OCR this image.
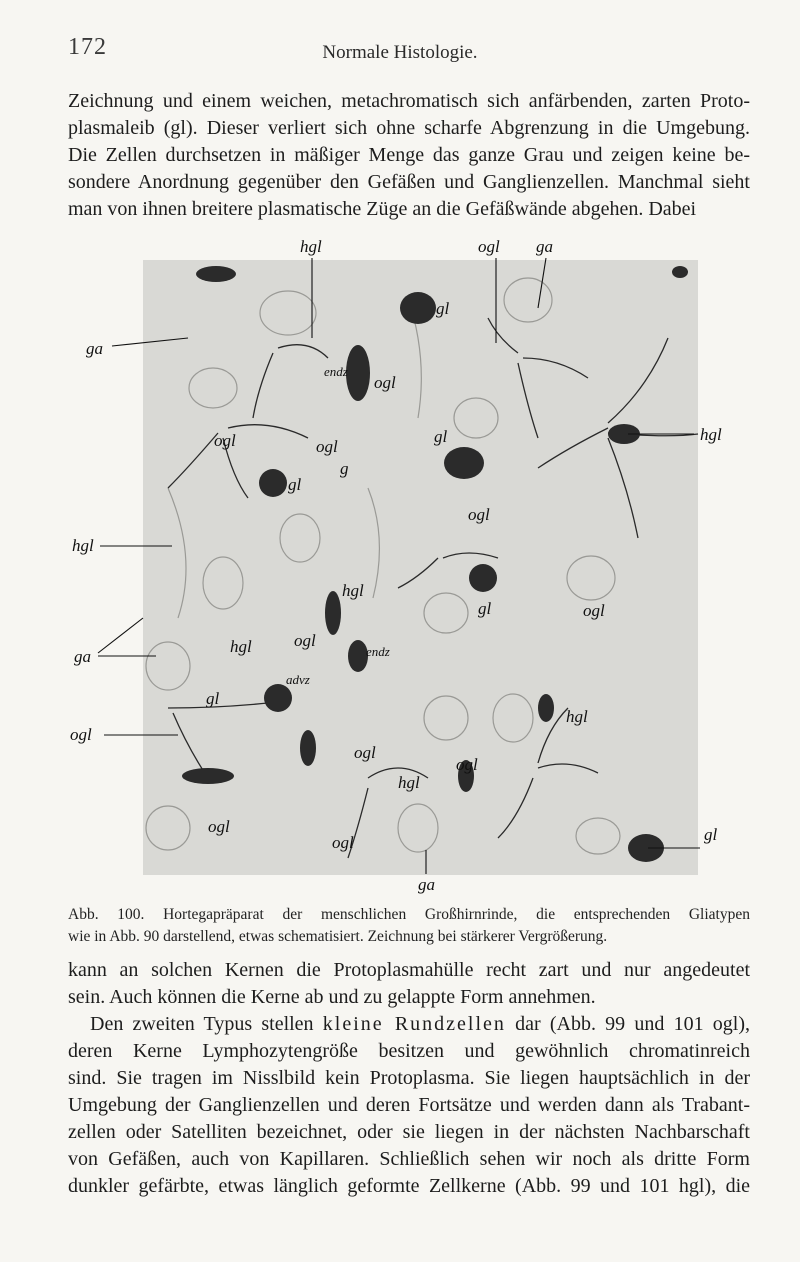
172	Normale Histologie.

Zeichnung und einem weichen, metachromatisch sich anfärbenden, zarten Proto-
plasmaleib (gl). Dieser verliert sich ohne scharfe Abgrenzung in die Umgebung.
Die Zellen durchsetzen in mäßiger Menge das ganze Grau und zeigen keine be-
sondere Anordnung gegenüber den Gefäßen und Ganglienzellen. Manchmal sieht
man von ihnen breitere plasmatische Züge an die Gefäßwände abgehen. Dabei

hgl	ogl ga
ga
hgl
ga
ogl
hgl
gl
ga
gl
endz
ogl
ogl	ogl
g
gl
gl
ogl
hgl
gl	ogl
hgl ogl
endz
advz
gl
ogl
hgl
ogl
hgl
ogl
ogl

Abb. 100. Hortegapräparat der menschlichen Großhirnrinde, die entsprechenden Gliatypen
wie in Abb. 90 darstellend, etwas schematisiert. Zeichnung bei stärkerer Vergrößerung.

kann an solchen Kernen die Protoplasmahülle recht zart und nur angedeutet
sein. Auch können die Kerne ab und zu gelappte Form annehmen.
Den zweiten Typus stellen kleine Rundzellen dar (Abb. 99 und 101 ogl),
deren Kerne Lymphozytengröße besitzen und gewöhnlich chromatinreich
sind. Sie tragen im Nisslbild kein Protoplasma. Sie liegen hauptsächlich in der
Umgebung der Ganglienzellen und deren Fortsätze und werden dann als Trabant-
zellen oder Satelliten bezeichnet, oder sie liegen in der nächsten Nachbarschaft
von Gefäßen, auch von Kapillaren. Schließlich sehen wir noch als dritte Form
dunkler gefärbte, etwas länglich geformte Zellkerne (Abb. 99 und 101 hgl), die
